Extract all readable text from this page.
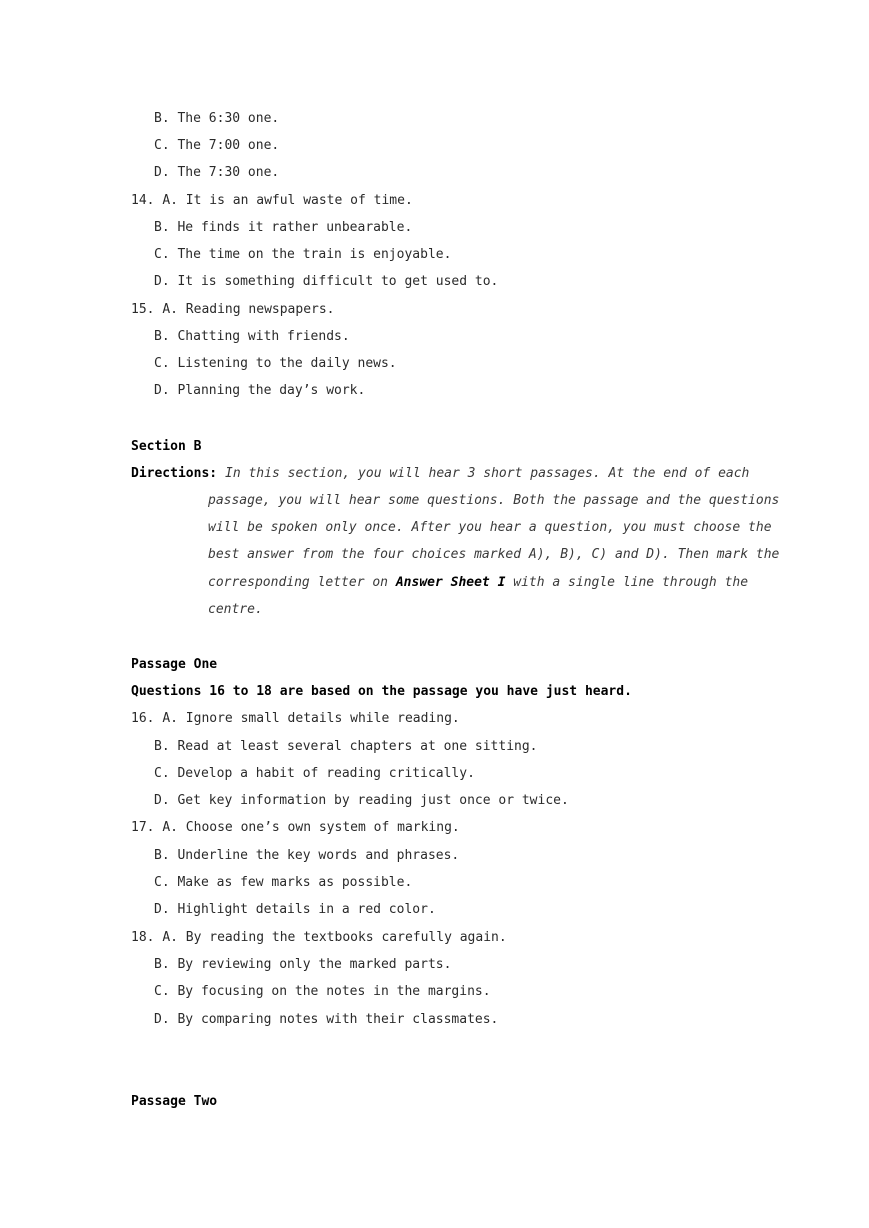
B. The 6:30 one.
C. The 7:00 one.
D. The 7:30 one.
14. A. It is an awful waste of time.
B. He finds it rather unbearable.
C. The time on the train is enjoyable.
D. It is something difficult to get used to.
15. A. Reading newspapers.
B. Chatting with friends.
C. Listening to the daily news.
D. Planning the day’s work.
Section B
Directions: In this section, you will hear 3 short passages. At the end of each
passage, you will hear some questions. Both the passage and the questions
will be spoken only once. After you hear a question, you must choose the
best answer from the four choices marked A), B), C) and D). Then mark the
corresponding letter on Answer Sheet I with a single line through the
centre.
Passage One
Questions 16 to 18 are based on the passage you have just heard.
16. A. Ignore small details while reading.
B. Read at least several chapters at one sitting.
C. Develop a habit of reading critically.
D. Get key information by reading just once or twice.
17. A. Choose one’s own system of marking.
B. Underline the key words and phrases.
C. Make as few marks as possible.
D. Highlight details in a red color.
18. A. By reading the textbooks carefully again.
B. By reviewing only the marked parts.
C. By focusing on the notes in the margins.
D. By comparing notes with their classmates.
Passage Two
